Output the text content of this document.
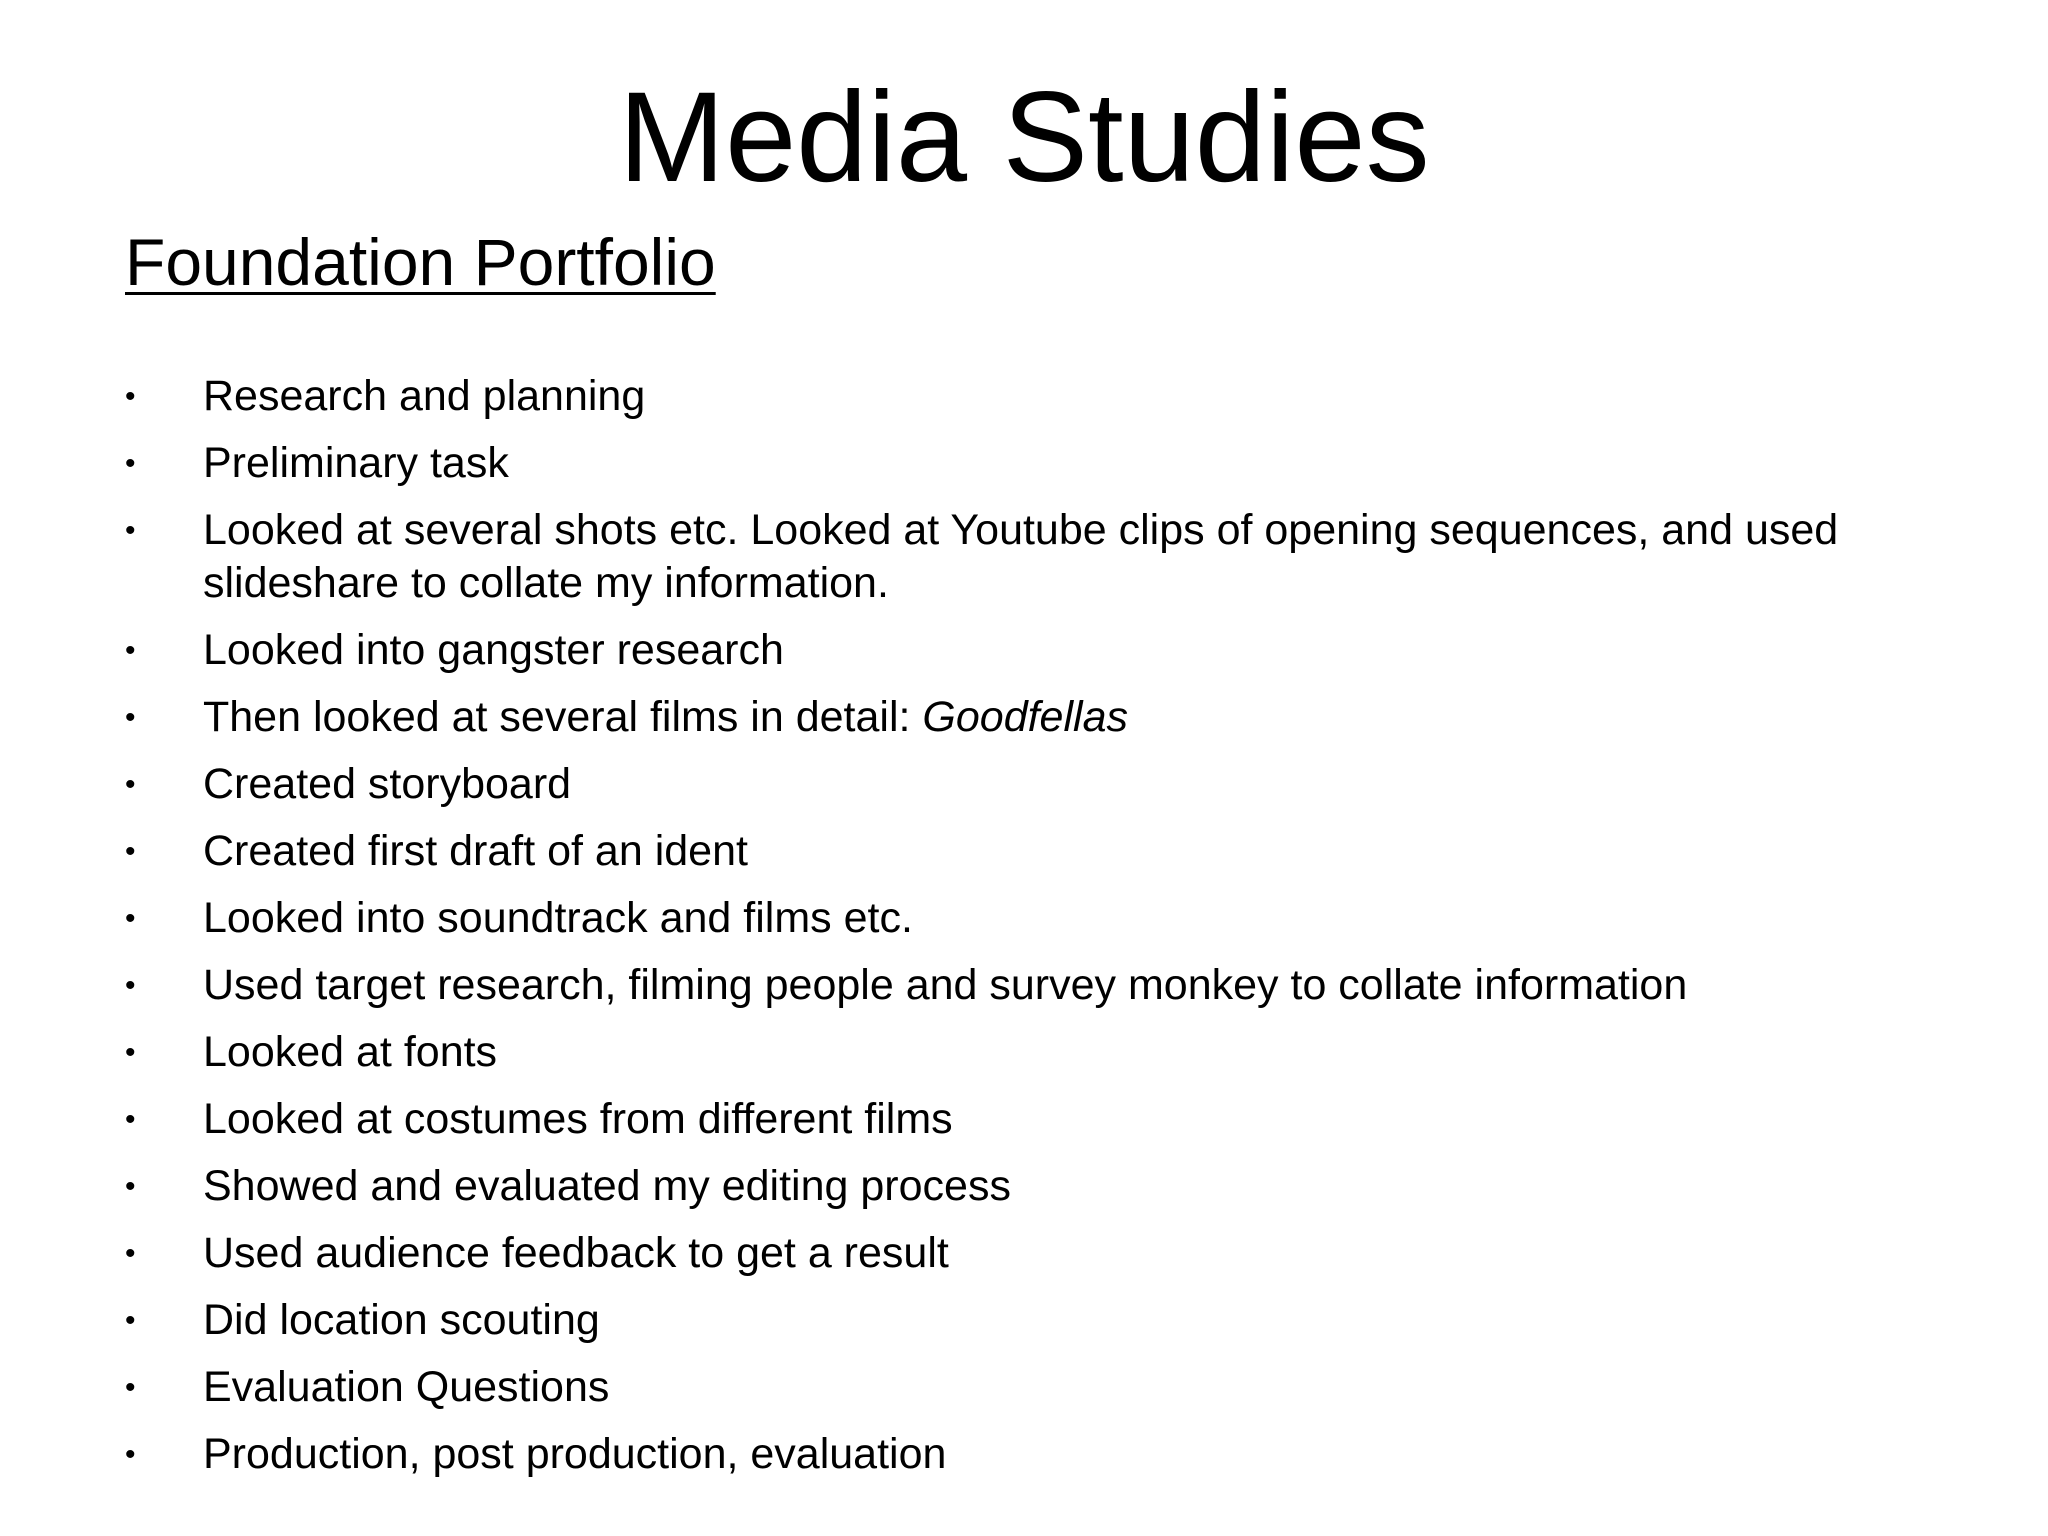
Media Studies
Foundation Portfolio
• Research and planning
• Preliminary task
• Looked at several shots etc. Looked at Youtube clips of opening sequences, and used slideshare to collate my information.
• Looked into gangster research
• Then looked at several films in detail: Goodfellas
• Created storyboard
• Created first draft of an ident
• Looked into soundtrack and films etc.
• Used target research, filming people and survey monkey to collate information
• Looked at fonts
• Looked at costumes from different films
• Showed and evaluated my editing process
• Used audience feedback to get a result
• Did location scouting
• Evaluation Questions
• Production, post production, evaluation
